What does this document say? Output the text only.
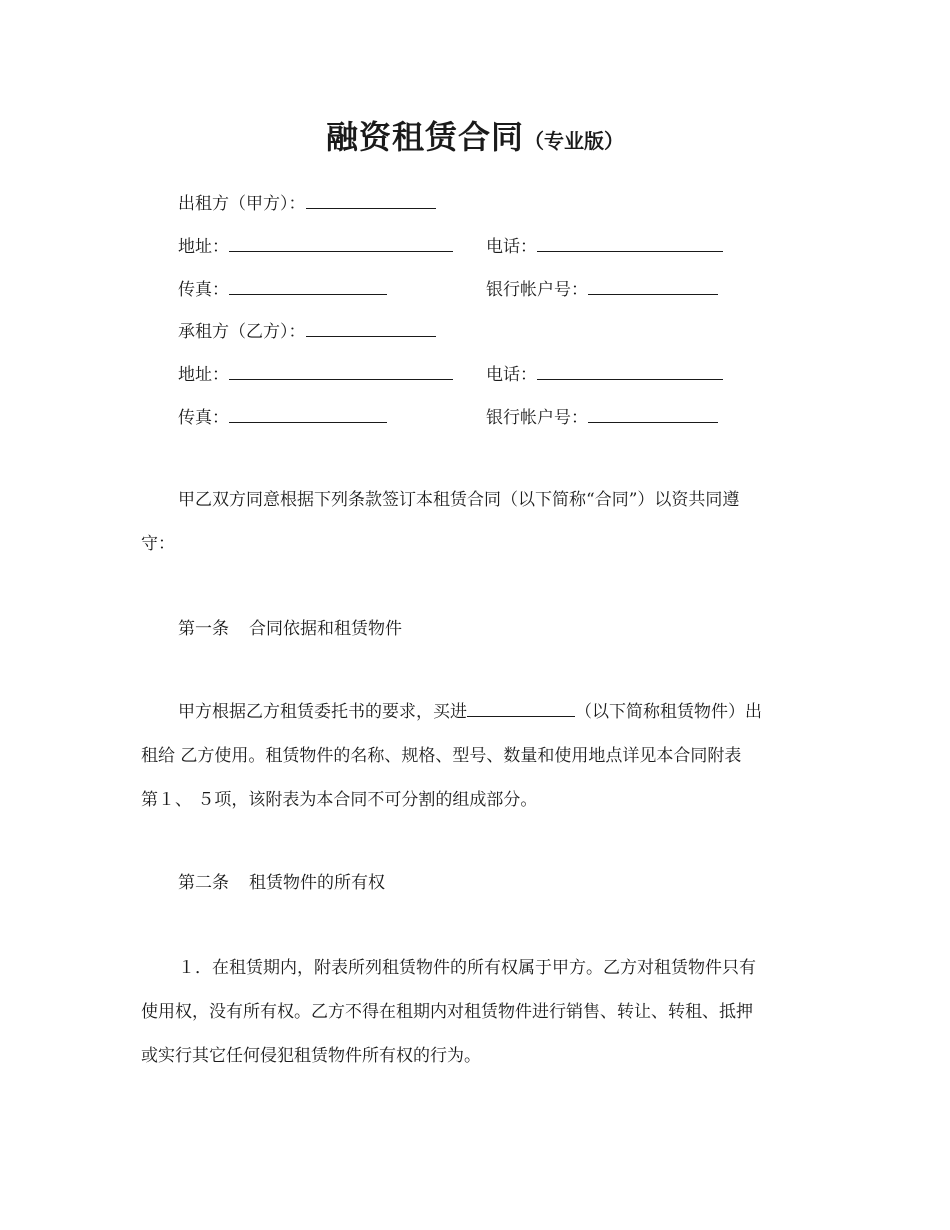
融资租赁合同（专业版）
出租方（甲方）：
地址：	电话：
传真：	银行帐户号：
承租方（乙方）：
地址：	电话：
传真：	银行帐户号：
甲乙双方同意根据下列条款签订本租赁合同（以下简称“合同”）以资共同遵
守：
第一条 合同依据和租赁物件
甲方根据乙方租赁委托书的要求，买进	（以下简称租赁物件）出
租给 乙方使用。租赁物件的名称、规格、型号、数量和使用地点详见本合同附表
第１、 ５项，该附表为本合同不可分割的组成部分。
第二条 租赁物件的所有权
１．在租赁期内，附表所列租赁物件的所有权属于甲方。乙方对租赁物件只有
使用权，没有所有权。乙方不得在租期内对租赁物件进行销售、转让、转租、抵押
或实行其它任何侵犯租赁物件所有权的行为。
